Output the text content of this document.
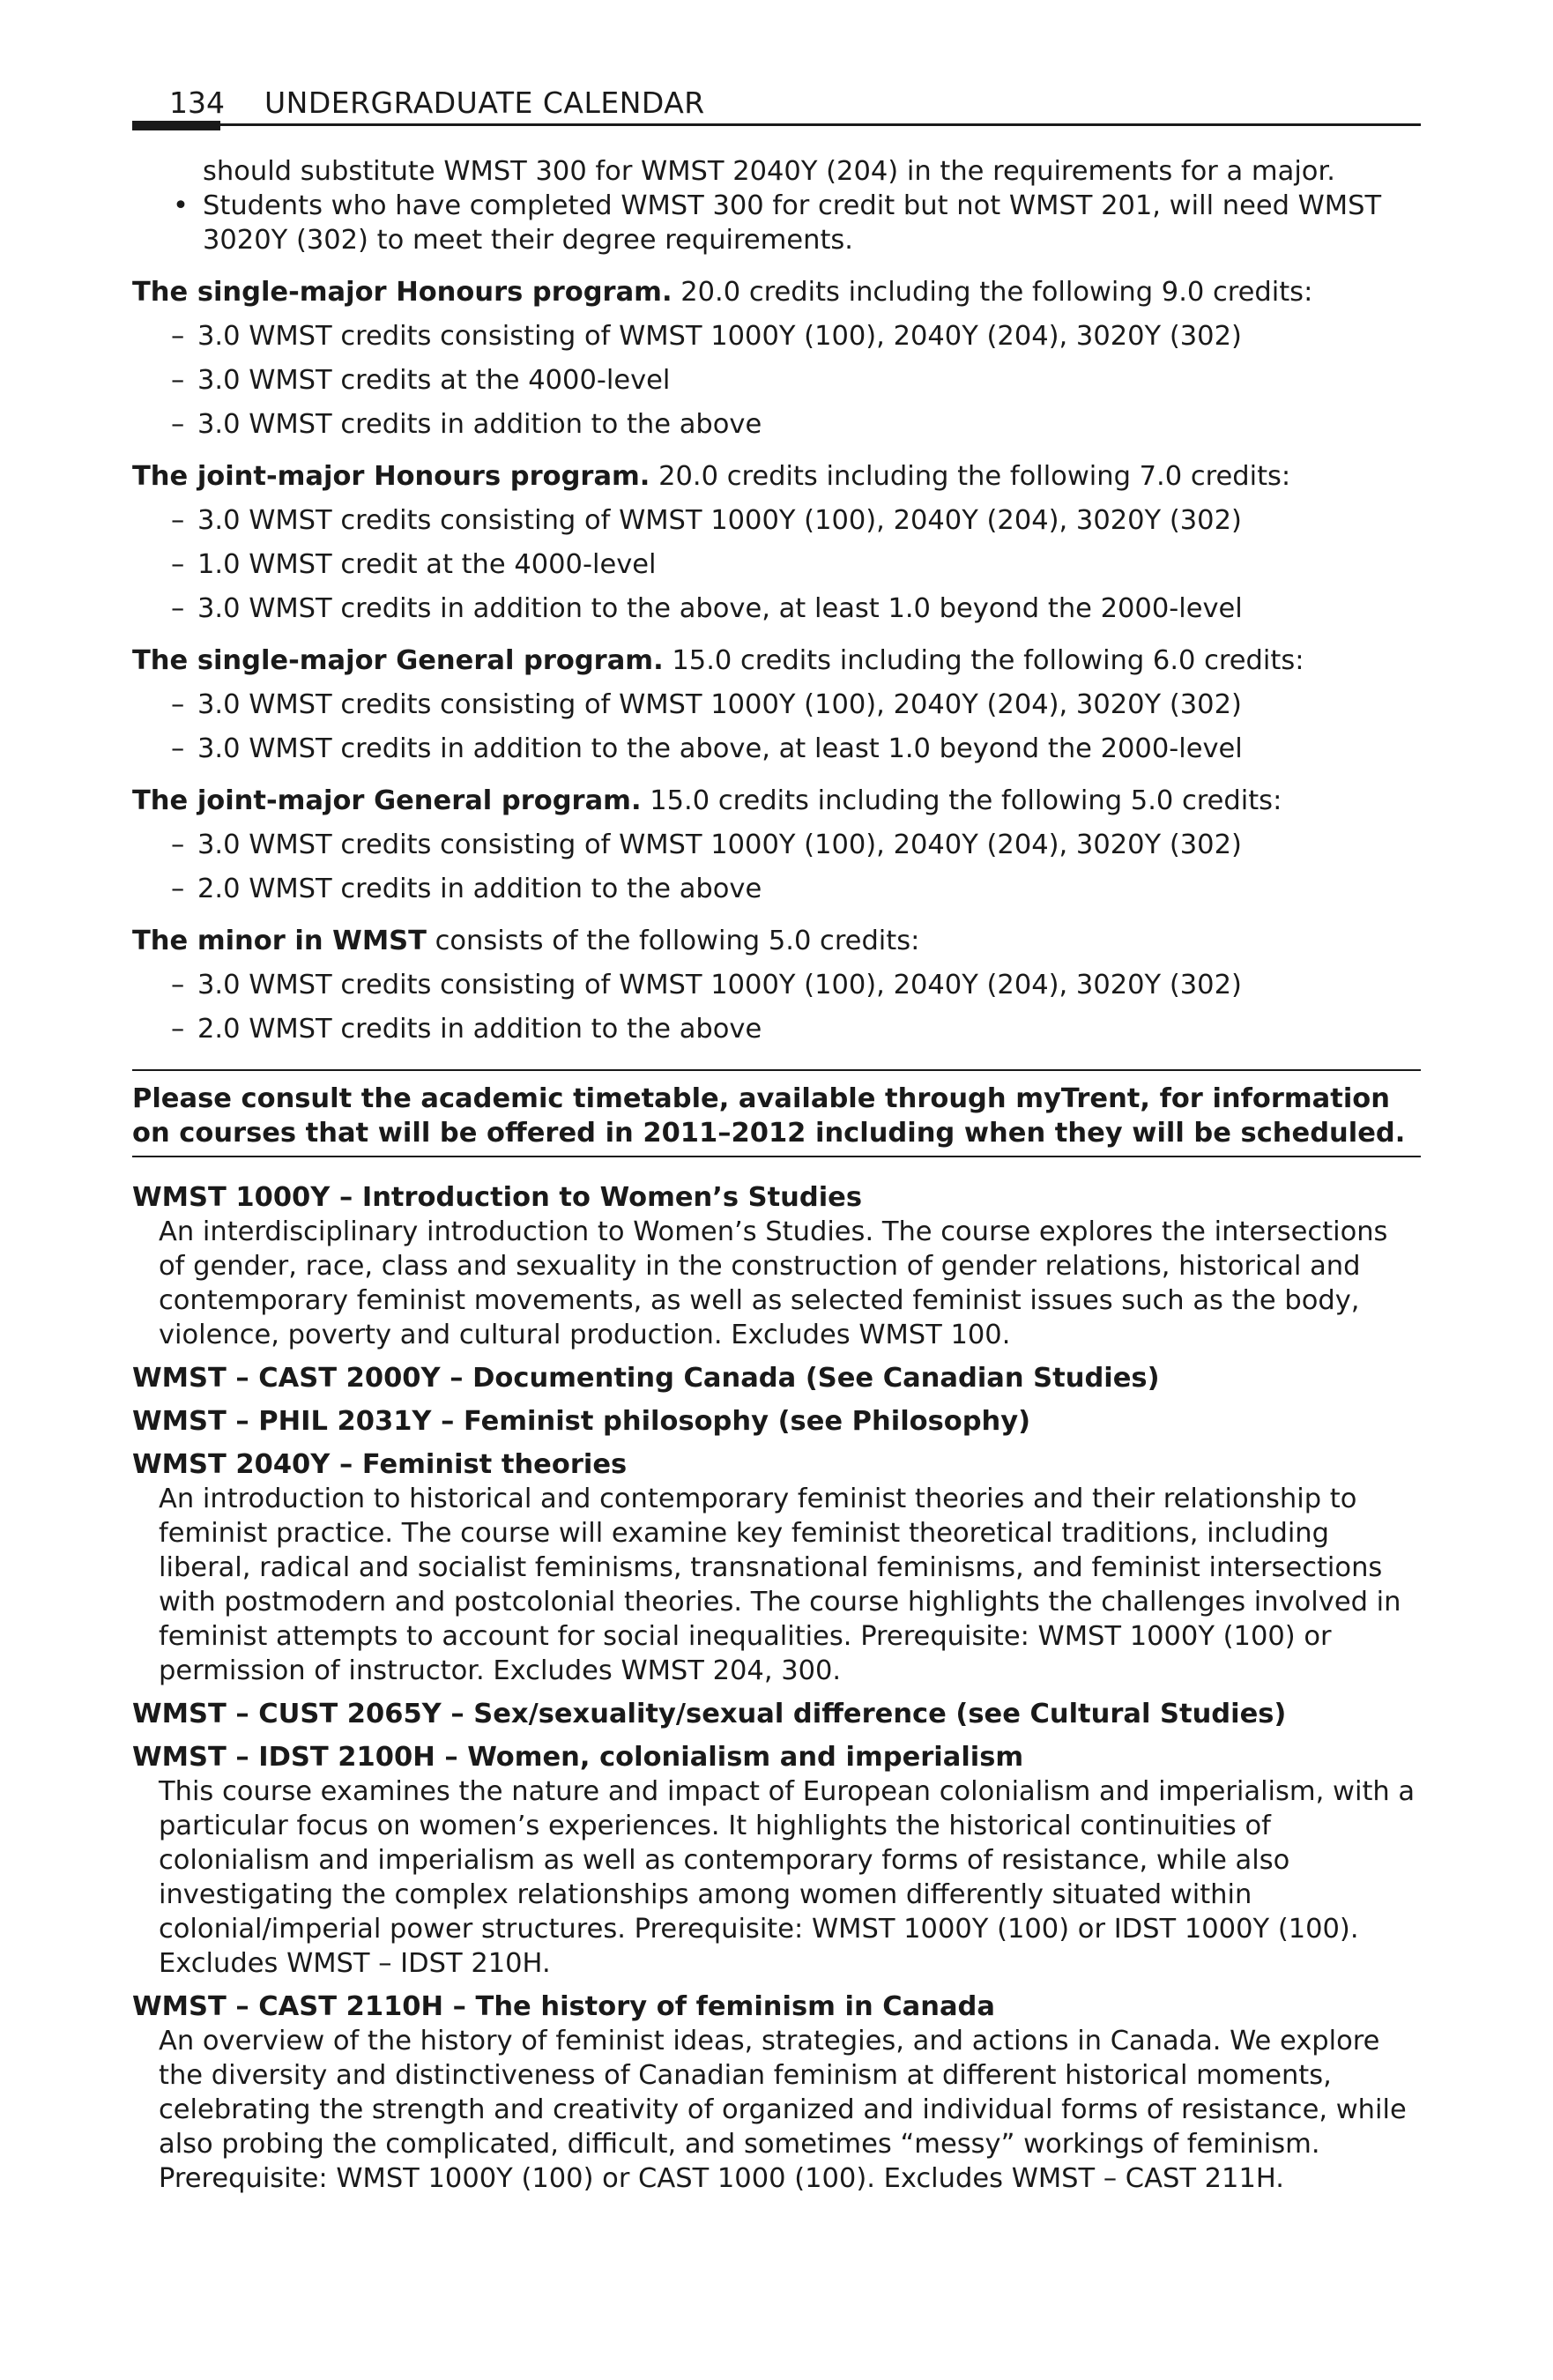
134 UNDERGRADUATE CALENDAR

should substitute WMST 300 for WMST 2040Y (204) in the requirements for a major.

• Students who have completed WMST 300 for credit but not WMST 201, will need WMST 3020Y (302) to meet their degree requirements.

The single-major Honours program. 20.0 credits including the following 9.0 credits:

– 3.0 WMST credits consisting of WMST 1000Y (100), 2040Y (204), 3020Y (302)

– 3.0 WMST credits at the 4000-level

– 3.0 WMST credits in addition to the above

The joint-major Honours program. 20.0 credits including the following 7.0 credits:

– 3.0 WMST credits consisting of WMST 1000Y (100), 2040Y (204), 3020Y (302)

– 1.0 WMST credit at the 4000-level

– 3.0 WMST credits in addition to the above, at least 1.0 beyond the 2000-level

The single-major General program. 15.0 credits including the following 6.0 credits:

– 3.0 WMST credits consisting of WMST 1000Y (100), 2040Y (204), 3020Y (302)

– 3.0 WMST credits in addition to the above, at least 1.0 beyond the 2000-level

The joint-major General program. 15.0 credits including the following 5.0 credits:

– 3.0 WMST credits consisting of WMST 1000Y (100), 2040Y (204), 3020Y (302)

– 2.0 WMST credits in addition to the above

The minor in WMST consists of the following 5.0 credits:

– 3.0 WMST credits consisting of WMST 1000Y (100), 2040Y (204), 3020Y (302)

– 2.0 WMST credits in addition to the above

Please consult the academic timetable, available through myTrent, for information on courses that will be offered in 2011–2012 including when they will be scheduled.

WMST 1000Y – Introduction to Women’s Studies

An interdisciplinary introduction to Women’s Studies. The course explores the intersections of gender, race, class and sexuality in the construction of gender relations, historical and contemporary feminist movements, as well as selected feminist issues such as the body, violence, poverty and cultural production. Excludes WMST 100.

WMST – CAST 2000Y – Documenting Canada (See Canadian Studies)

WMST – PHIL 2031Y – Feminist philosophy (see Philosophy)

WMST 2040Y – Feminist theories

An introduction to historical and contemporary feminist theories and their relationship to feminist practice. The course will examine key feminist theoretical traditions, including liberal, radical and socialist feminisms, transnational feminisms, and feminist intersections with postmodern and postcolonial theories. The course highlights the challenges involved in feminist attempts to account for social inequalities. Prerequisite: WMST 1000Y (100) or permission of instructor. Excludes WMST 204, 300.

WMST – CUST 2065Y – Sex/sexuality/sexual difference (see Cultural Studies)

WMST – IDST 2100H – Women, colonialism and imperialism

This course examines the nature and impact of European colonialism and imperialism, with a particular focus on women’s experiences. It highlights the historical continuities of colonialism and imperialism as well as contemporary forms of resistance, while also investigating the complex relationships among women differently situated within colonial/imperial power structures. Prerequisite: WMST 1000Y (100) or IDST 1000Y (100). Excludes WMST – IDST 210H.

WMST – CAST 2110H – The history of feminism in Canada

An overview of the history of feminist ideas, strategies, and actions in Canada. We explore the diversity and distinctiveness of Canadian feminism at different historical moments, celebrating the strength and creativity of organized and individual forms of resistance, while also probing the complicated, difficult, and sometimes “messy” workings of feminism. Prerequisite: WMST 1000Y (100) or CAST 1000 (100). Excludes WMST – CAST 211H.
